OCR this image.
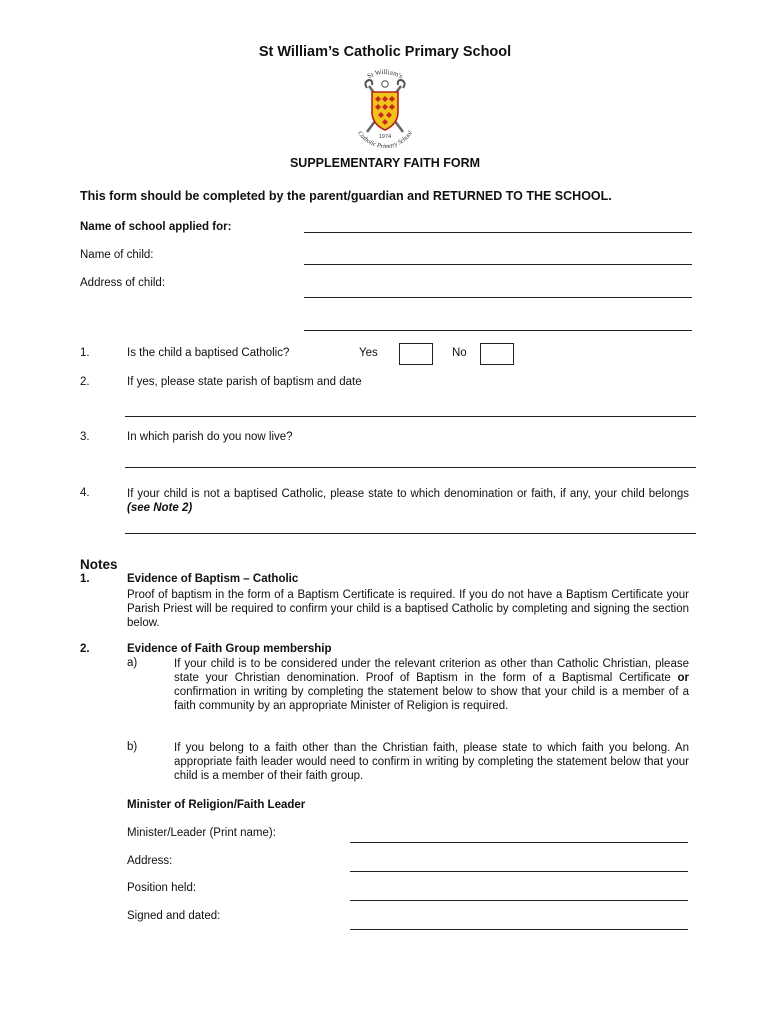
St William’s Catholic Primary School
St William's
Catholic Primary School
1974
SUPPLEMENTARY FAITH FORM
This form should be completed by the parent/guardian and RETURNED TO THE SCHOOL.
Name of school applied for:
Name of child:
Address of child:
1.	Is the child a baptised Catholic?	Yes	No
2.	If yes, please state parish of baptism and date
3.	In which parish do you now live?
4.	If your child is not a baptised Catholic, please state to which denomination or faith, if any, your child belongs (see Note 2)
Notes
1.	Evidence of Baptism – Catholic
Proof of baptism in the form of a Baptism Certificate is required. If you do not have a Baptism Certificate your Parish Priest will be required to confirm your child is a baptised Catholic by completing and signing the section below.
2.	Evidence of Faith Group membership
a)	If your child is to be considered under the relevant criterion as other than Catholic Christian, please state your Christian denomination. Proof of Baptism in the form of a Baptismal Certificate or confirmation in writing by completing the statement below to show that your child is a member of a faith community by an appropriate Minister of Religion is required.
b)	If you belong to a faith other than the Christian faith, please state to which faith you belong. An appropriate faith leader would need to confirm in writing by completing the statement below that your child is a member of their faith group.
Minister of Religion/Faith Leader
Minister/Leader (Print name):
Address:
Position held:
Signed and dated:
